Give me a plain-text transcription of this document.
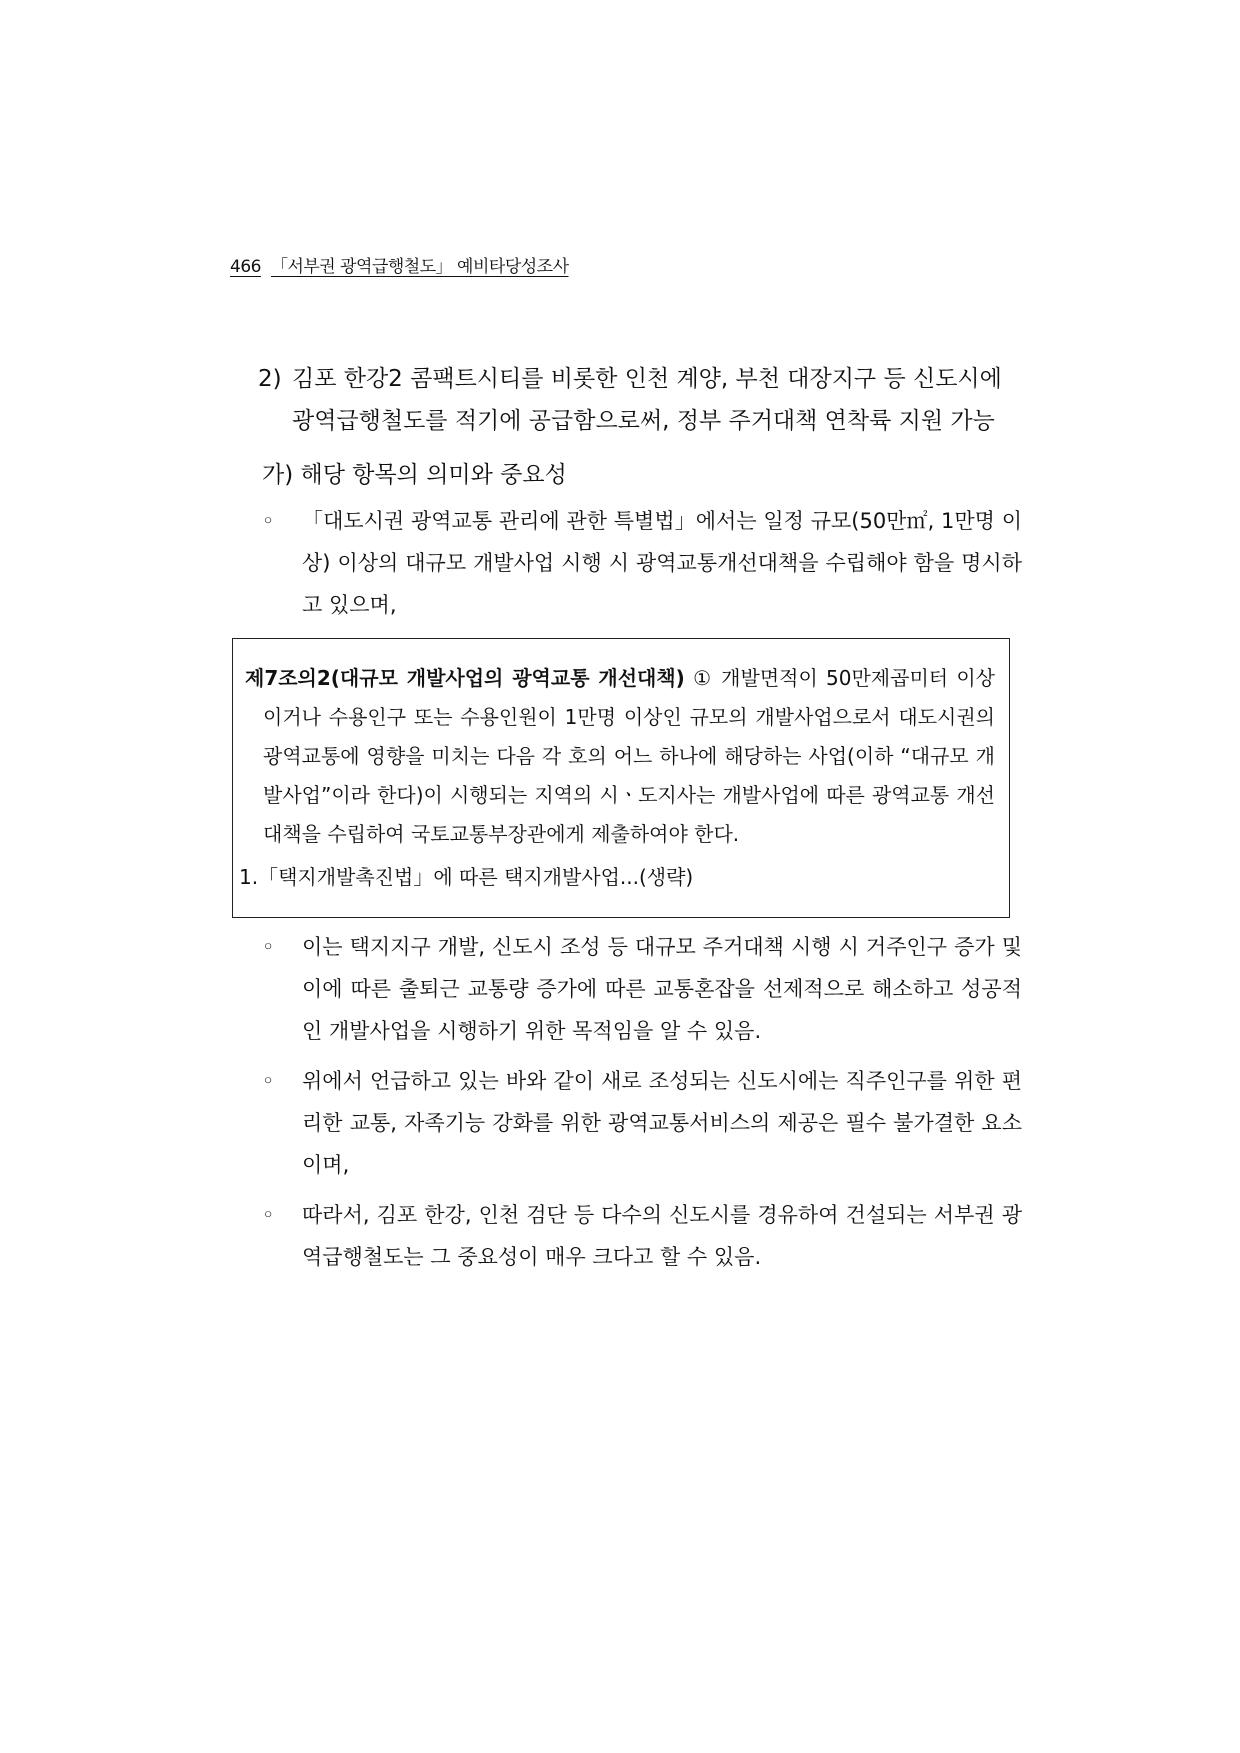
466 「서부권 광역급행철도」 예비타당성조사
2) 김포 한강2 콤팩트시티를 비롯한 인천 계양, 부천 대장지구 등 신도시에
광역급행철도를 적기에 공급함으로써, 정부 주거대책 연착륙 지원 가능
가) 해당 항목의 의미와 중요성
◦	「대도시권 광역교통 관리에 관한 특별법」에서는 일정 규모(50만㎡, 1만명 이상) 이상의 대규모 개발사업 시행 시 광역교통개선대책을 수립해야 함을 명시하고 있으며,
제7조의2(대규모 개발사업의 광역교통 개선대책) ① 개발면적이 50만제곱미터 이상이거나 수용인구 또는 수용인원이 1만명 이상인 규모의 개발사업으로서 대도시권의 광역교통에 영향을 미치는 다음 각 호의 어느 하나에 해당하는 사업(이하 “대규모 개발사업”이라 한다)이 시행되는 지역의 시ㆍ도지사는 개발사업에 따른 광역교통 개선대책을 수립하여 국토교통부장관에게 제출하여야 한다.
1.「택지개발촉진법」에 따른 택지개발사업...(생략)
◦	이는 택지지구 개발, 신도시 조성 등 대규모 주거대책 시행 시 거주인구 증가 및 이에 따른 출퇴근 교통량 증가에 따른 교통혼잡을 선제적으로 해소하고 성공적인 개발사업을 시행하기 위한 목적임을 알 수 있음.
◦	위에서 언급하고 있는 바와 같이 새로 조성되는 신도시에는 직주인구를 위한 편리한 교통, 자족기능 강화를 위한 광역교통서비스의 제공은 필수 불가결한 요소이며,
◦	따라서, 김포 한강, 인천 검단 등 다수의 신도시를 경유하여 건설되는 서부권 광역급행철도는 그 중요성이 매우 크다고 할 수 있음.
